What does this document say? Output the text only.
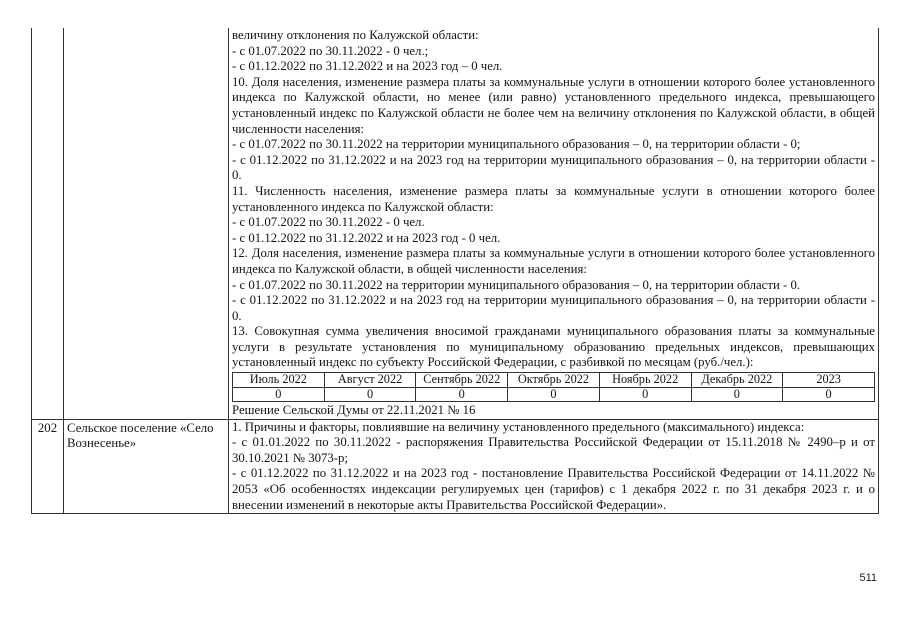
величину отклонения по Калужской области:

- с 01.07.2022 по 30.11.2022 - 0 чел.;

- с 01.12.2022 по 31.12.2022 и на 2023 год – 0 чел.

10. Доля населения, изменение размера платы за коммунальные услуги в отношении которого более установленного индекса по Калужской области, но менее (или равно) установленного предельного индекса, превышающего установленный индекс по Калужской области не более чем на величину отклонения по Калужской области, в общей численности населения:

- с 01.07.2022 по 30.11.2022 на территории муниципального образования – 0, на территории области - 0;

- с 01.12.2022 по 31.12.2022 и на 2023 год на территории муниципального образования – 0, на территории области - 0.

11. Численность населения, изменение размера платы за коммунальные услуги в отношении которого более установленного индекса по Калужской области:

- с 01.07.2022 по 30.11.2022 - 0 чел.

- с 01.12.2022 по 31.12.2022 и на 2023 год - 0 чел.

12. Доля населения, изменение размера платы за коммунальные услуги в отношении которого более установленного индекса по Калужской области, в общей численности населения:

- с 01.07.2022 по 30.11.2022 на территории муниципального образования – 0, на территории области - 0.

- с 01.12.2022 по 31.12.2022 и на 2023 год на территории муниципального образования – 0, на территории области - 0.

13. Совокупная сумма увеличения вносимой гражданами муниципального образования платы за коммунальные услуги в результате установления по муниципальному образованию предельных индексов, превышающих установленный индекс по субъекту Российской Федерации, с разбивкой по месяцам (руб./чел.):

Июль 2022	Август 2022	Сентябрь 2022	Октябрь 2022	Ноябрь 2022	Декабрь 2022	2023
0	0	0	0	0	0	0

Решение Сельской Думы от 22.11.2021 № 16

202	Сельское поселение «Село Вознесенье»	

1. Причины и факторы, повлиявшие на величину установленного предельного (максимального) индекса:

- с 01.01.2022 по 30.11.2022 - распоряжения Правительства Российской Федерации от 15.11.2018 № 2490–р и от 30.10.2021 № 3073-р;

- с 01.12.2022 по 31.12.2022 и на 2023 год - постановление Правительства Российской Федерации от 14.11.2022 № 2053 «Об особенностях индексации регулируемых цен (тарифов) с 1 декабря 2022 г. по 31 декабря 2023 г. и о внесении изменений в некоторые акты Правительства Российской Федерации».

511
